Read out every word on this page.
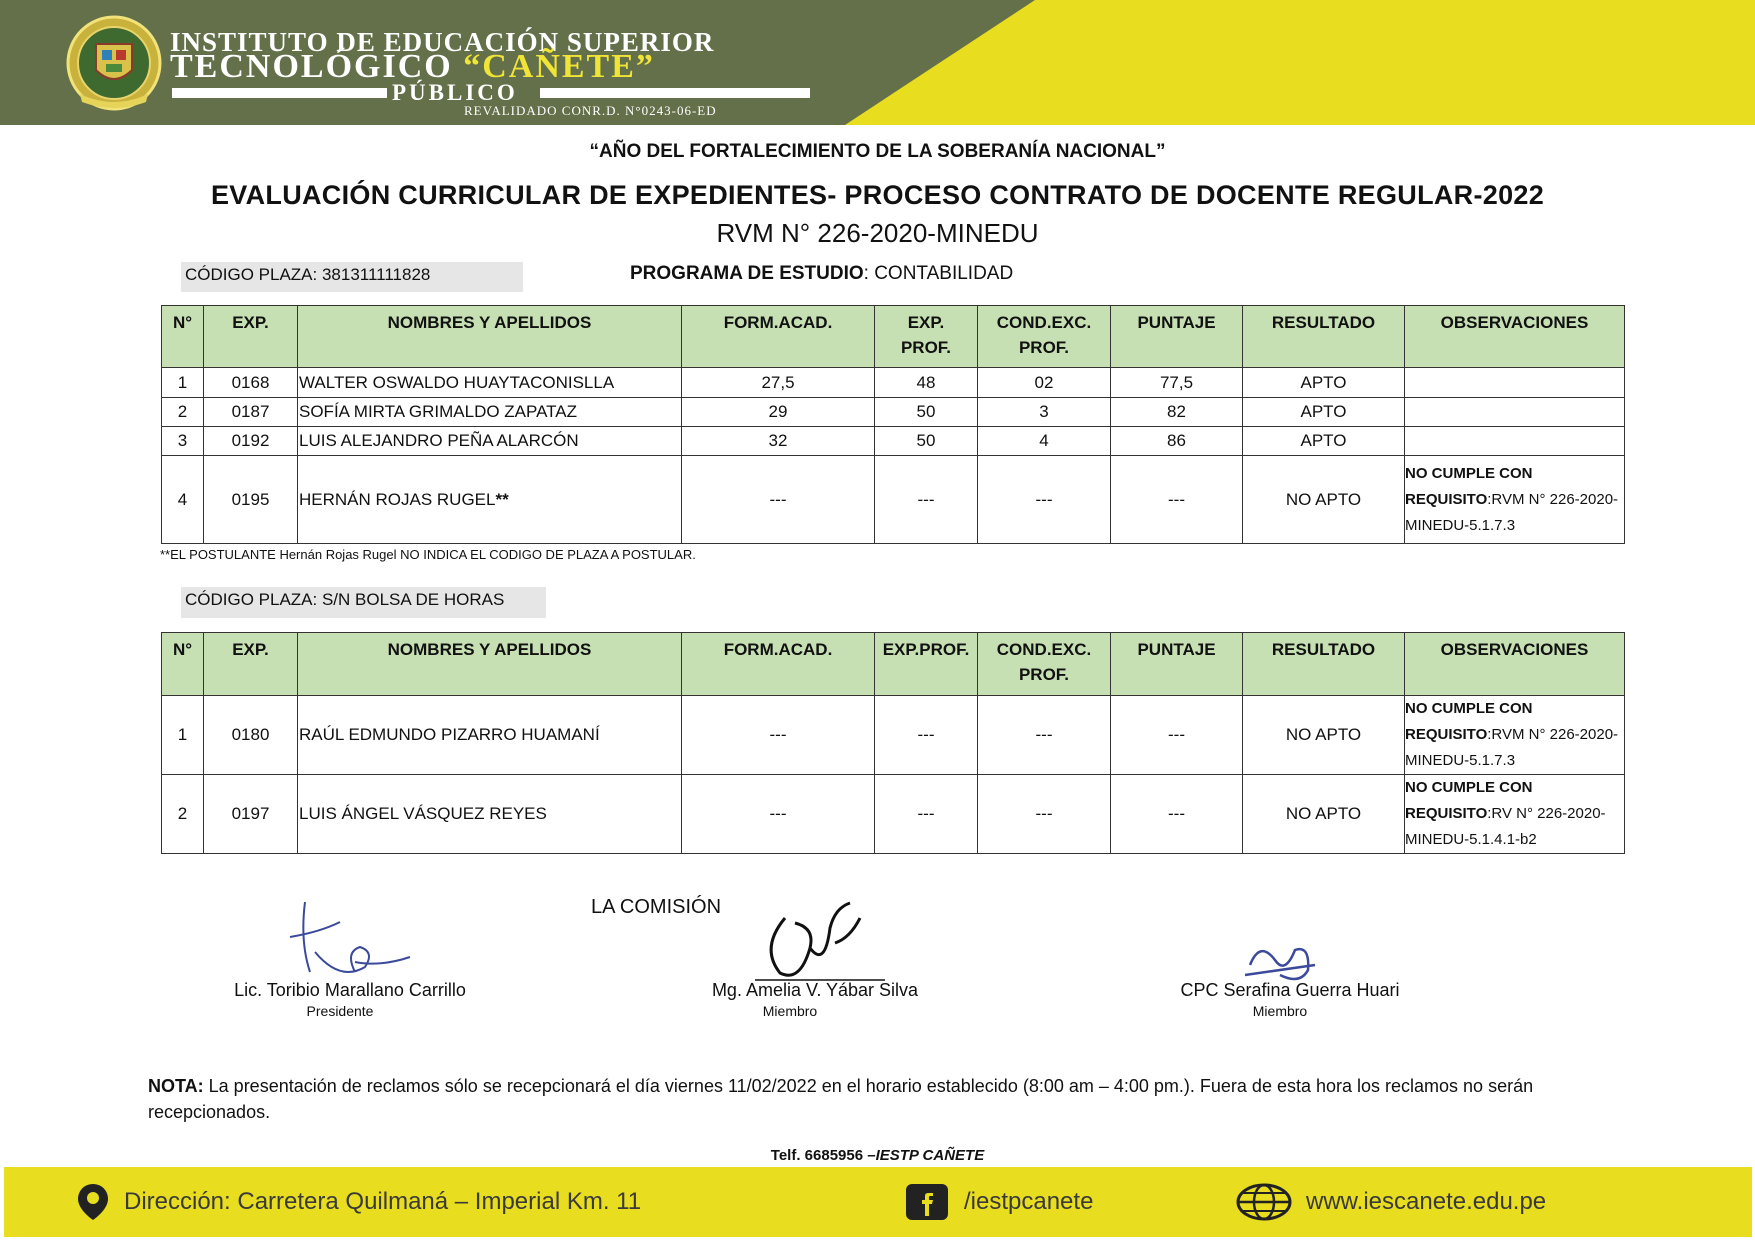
INSTITUTO DE EDUCACIÓN SUPERIOR
TECNOLÓGICO “CAÑETE”
PÚBLICO
REVALIDADO CONR.D. N°0243-06-ED
“AÑO DEL FORTALECIMIENTO DE LA SOBERANÍA NACIONAL”
EVALUACIÓN CURRICULAR DE EXPEDIENTES- PROCESO CONTRATO DE DOCENTE REGULAR-2022
RVM N° 226-2020-MINEDU
CÓDIGO PLAZA: 381311111828	PROGRAMA DE ESTUDIO: CONTABILIDAD
N°	EXP.	NOMBRES Y APELLIDOS	FORM.ACAD.	EXP.
PROF.	COND.EXC.
PROF.	PUNTAJE	RESULTADO	OBSERVACIONES
1	0168	WALTER OSWALDO HUAYTACONISLLA	27,5	48	02	77,5	APTO	
2	0187	SOFÍA MIRTA GRIMALDO ZAPATAZ	29	50	3	82	APTO	
3	0192	LUIS ALEJANDRO PEÑA ALARCÓN	32	50	4	86	APTO	
4	0195	HERNÁN ROJAS RUGEL**	---	---	---	---	NO APTO	NO CUMPLE CON
REQUISITO:RVM N° 226-2020-
MINEDU-5.1.7.3
**EL POSTULANTE Hernán Rojas Rugel NO INDICA EL CODIGO DE PLAZA A POSTULAR.
CÓDIGO PLAZA: S/N BOLSA DE HORAS
N°	EXP.	NOMBRES Y APELLIDOS	FORM.ACAD.	EXP.PROF.	COND.EXC.
PROF.	PUNTAJE	RESULTADO	OBSERVACIONES
1	0180	RAÚL EDMUNDO PIZARRO HUAMANÍ	---	---	---	---	NO APTO	NO CUMPLE CON
REQUISITO:RVM N° 226-2020-
MINEDU-5.1.7.3
2	0197	LUIS ÁNGEL VÁSQUEZ REYES	---	---	---	---	NO APTO	NO CUMPLE CON
REQUISITO:RV N° 226-2020-
MINEDU-5.1.4.1-b2
LA COMISIÓN
Lic. Toribio Marallano Carrillo
Presidente
Mg. Amelia V. Yábar Silva
Miembro
CPC Serafina Guerra Huari
Miembro
NOTA: La presentación de reclamos sólo se recepcionará el día viernes 11/02/2022 en el horario establecido (8:00 am – 4:00 pm.). Fuera de esta hora los reclamos no serán recepcionados.
Telf. 6685956 –IESTP CAÑETE
Dirección: Carretera Quilmaná – Imperial Km. 11	/iestpcanete	www.iescanete.edu.pe
